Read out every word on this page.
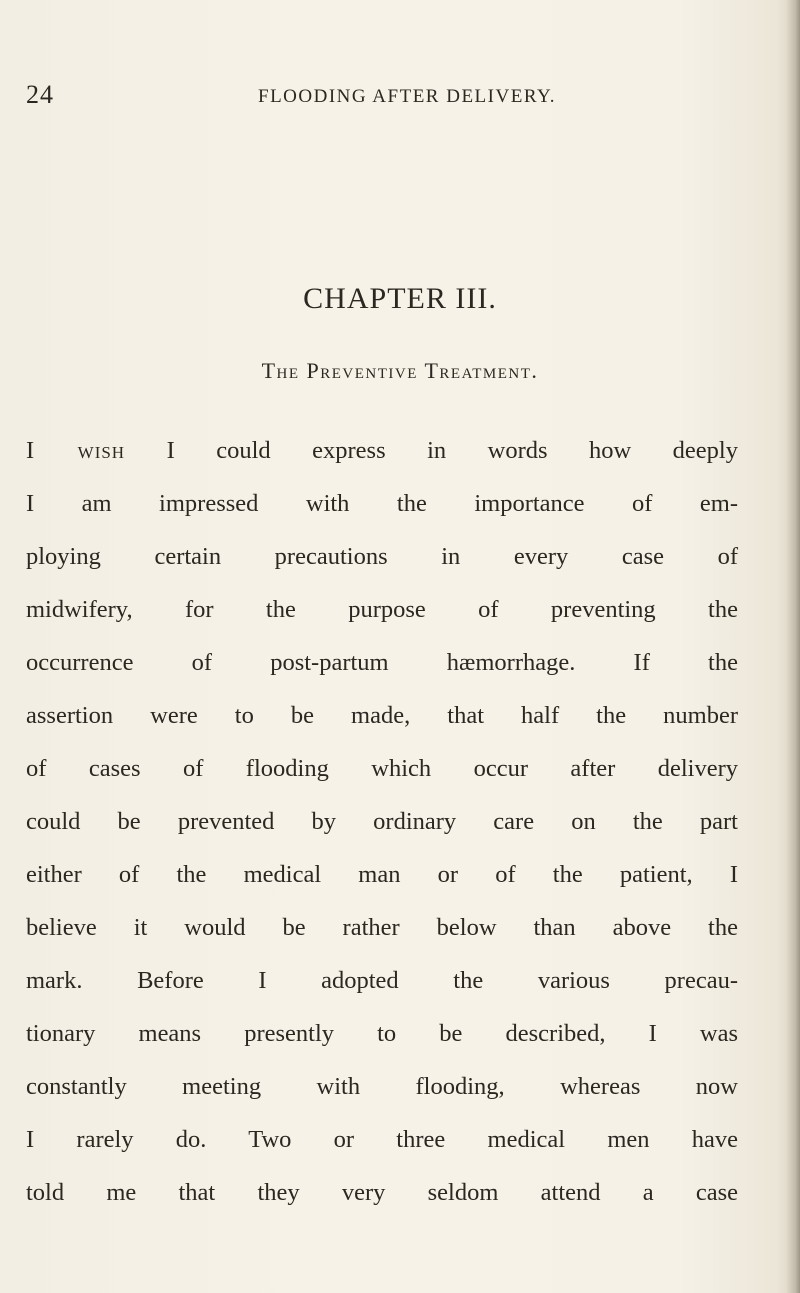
24	FLOODING AFTER DELIVERY.
CHAPTER III.
The Preventive Treatment.
I wish I could express in words how deeply
I am impressed with the importance of em-
ploying certain precautions in every case of
midwifery, for the purpose of preventing the
occurrence of post-partum hæmorrhage. If the
assertion were to be made, that half the number
of cases of flooding which occur after delivery
could be prevented by ordinary care on the part
either of the medical man or of the patient, I
believe it would be rather below than above the
mark. Before I adopted the various precau-
tionary means presently to be described, I was
constantly meeting with flooding, whereas now
I rarely do. Two or three medical men have
told me that they very seldom attend a case
